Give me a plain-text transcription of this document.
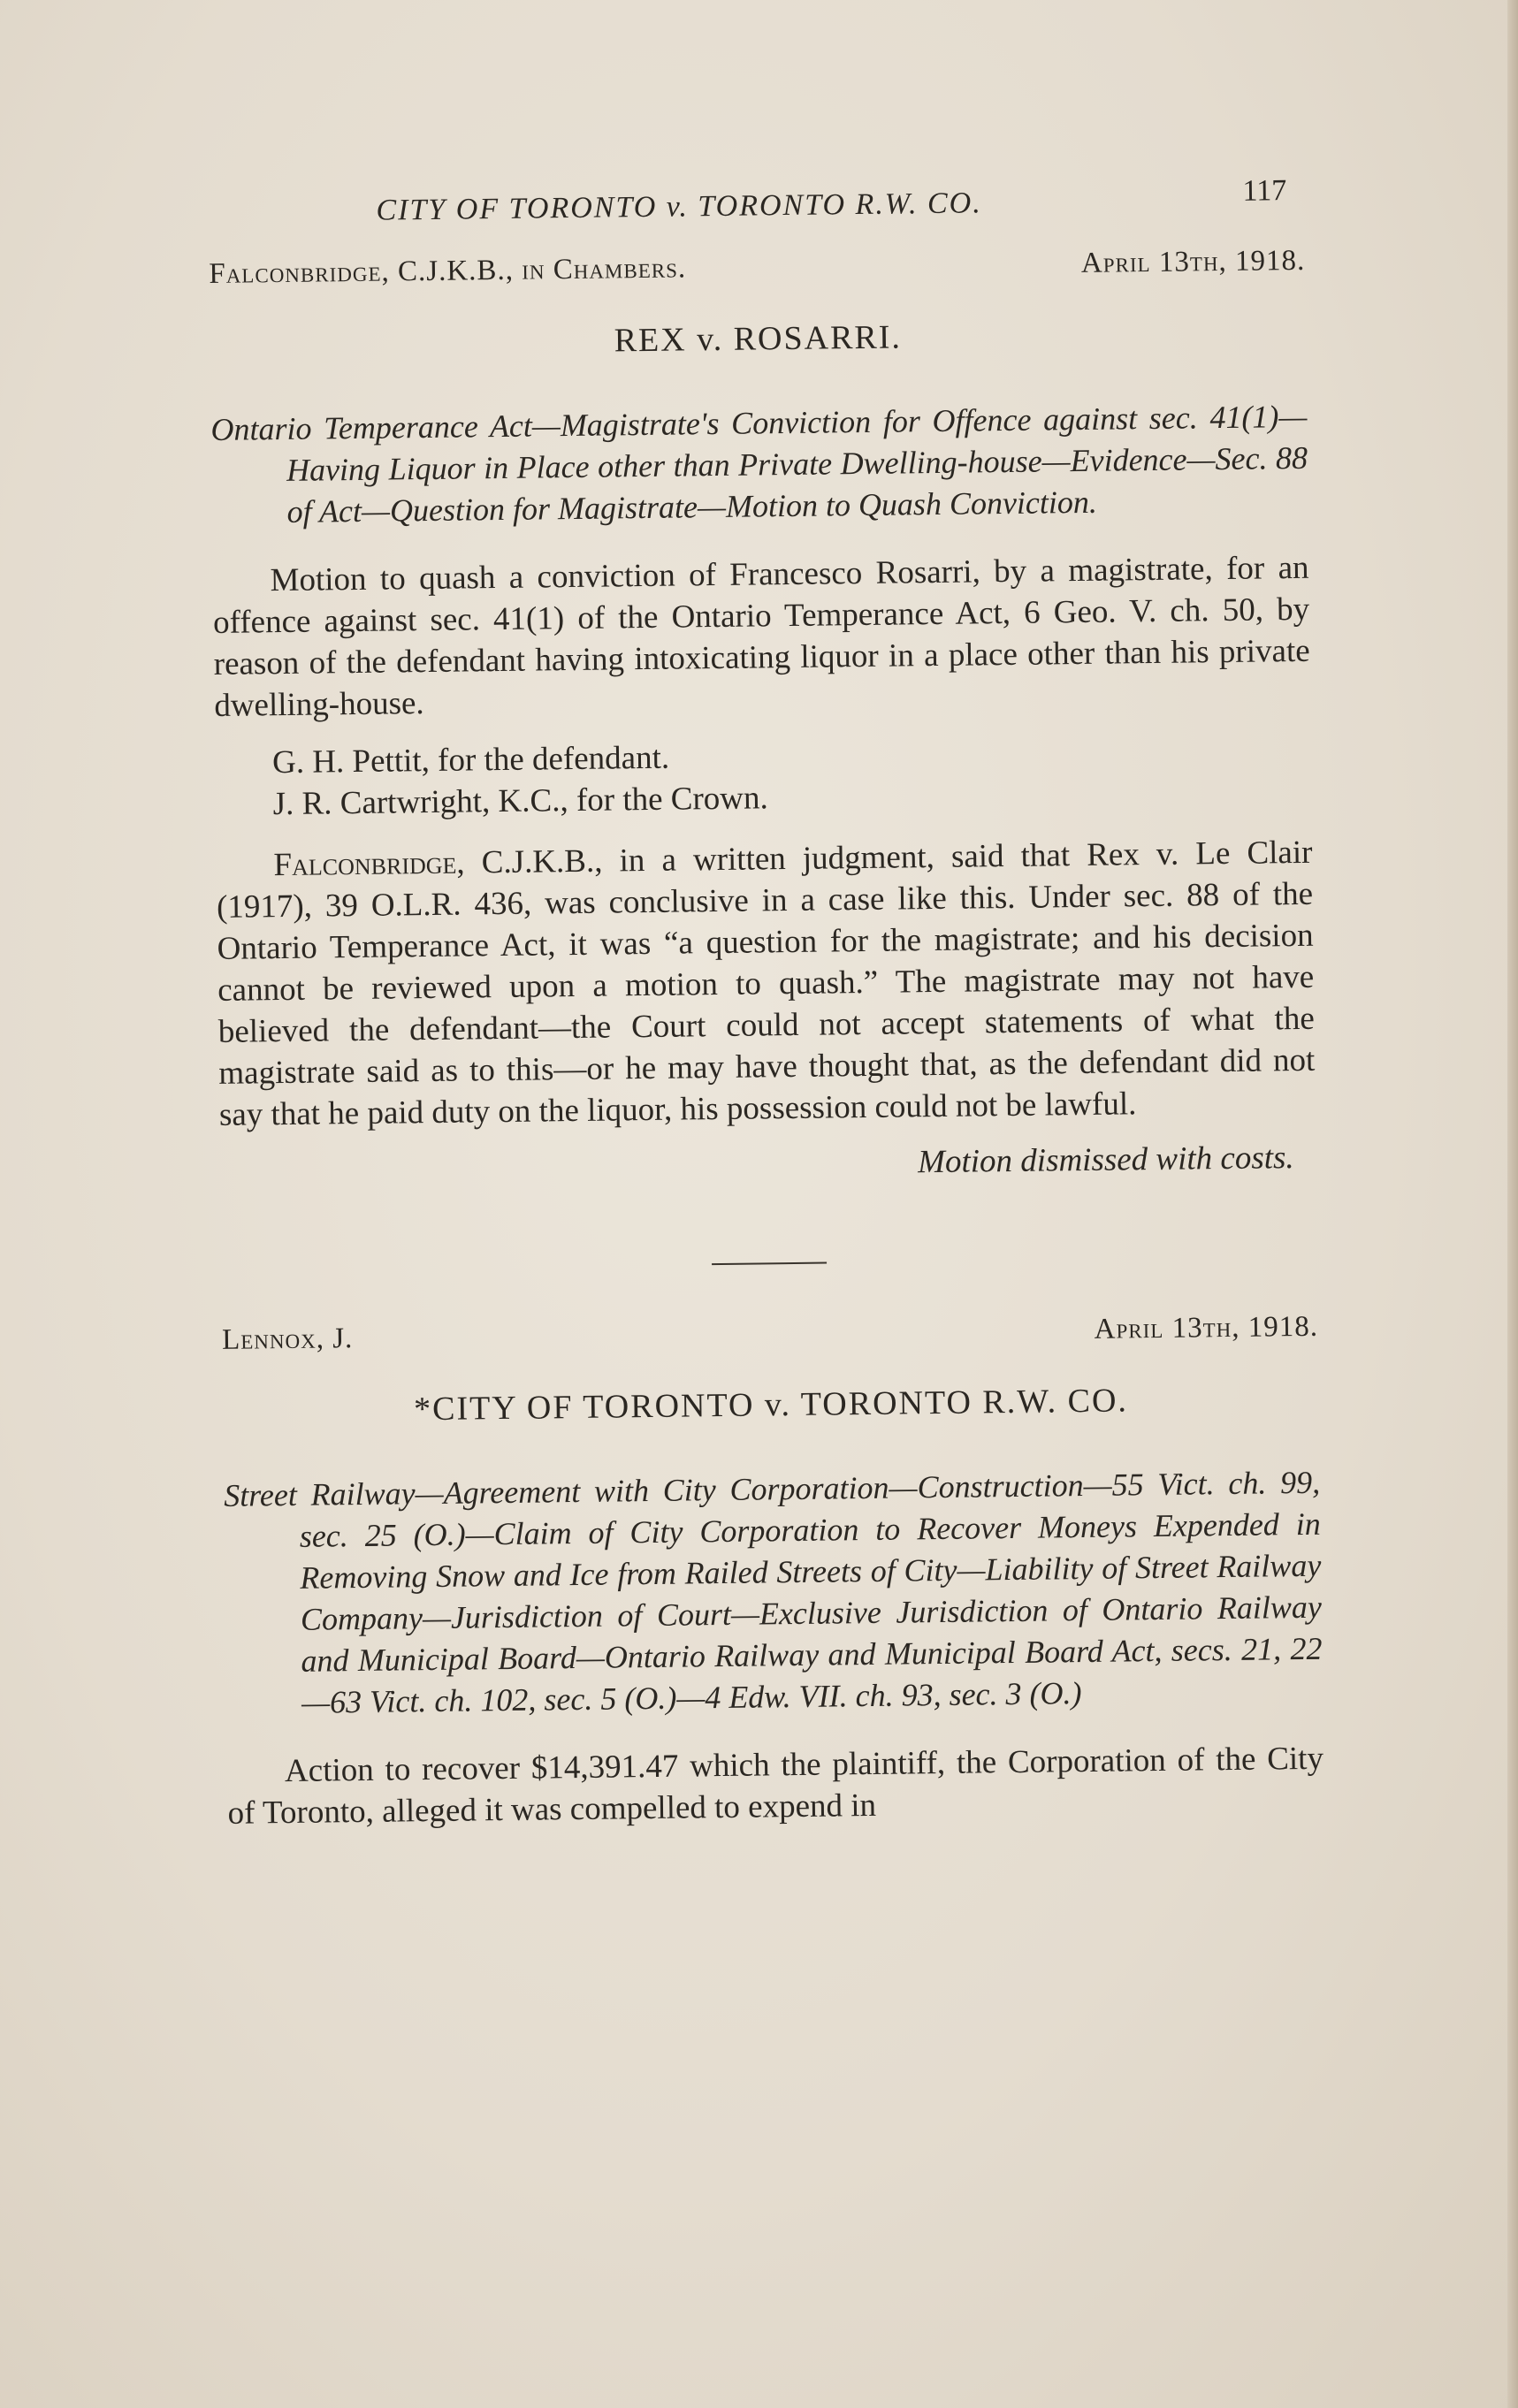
CITY OF TORONTO v. TORONTO R.W. CO.	117
Falconbridge, C.J.K.B., in Chambers.	April 13th, 1918.
REX v. ROSARRI.

Ontario Temperance Act—Magistrate's Conviction for Offence against sec. 41(1)—Having Liquor in Place other than Private Dwelling-house—Evidence—Sec. 88 of Act—Question for Magistrate—Motion to Quash Conviction.

Motion to quash a conviction of Francesco Rosarri, by a magistrate, for an offence against sec. 41(1) of the Ontario Temperance Act, 6 Geo. V. ch. 50, by reason of the defendant having intoxicating liquor in a place other than his private dwelling-house.

G. H. Pettit, for the defendant.

J. R. Cartwright, K.C., for the Crown.

Falconbridge, C.J.K.B., in a written judgment, said that Rex v. Le Clair (1917), 39 O.L.R. 436, was conclusive in a case like this. Under sec. 88 of the Ontario Temperance Act, it was “a question for the magistrate; and his decision cannot be reviewed upon a motion to quash.” The magistrate may not have believed the defendant—the Court could not accept statements of what the magistrate said as to this—or he may have thought that, as the defendant did not say that he paid duty on the liquor, his possession could not be lawful.

Motion dismissed with costs.
Lennox, J.	April 13th, 1918.
*CITY OF TORONTO v. TORONTO R.W. CO.

Street Railway—Agreement with City Corporation—Construction—55 Vict. ch. 99, sec. 25 (O.)—Claim of City Corporation to Recover Moneys Expended in Removing Snow and Ice from Railed Streets of City—Liability of Street Railway Company—Jurisdiction of Court—Exclusive Jurisdiction of Ontario Railway and Municipal Board—Ontario Railway and Municipal Board Act, secs. 21, 22—63 Vict. ch. 102, sec. 5 (O.)—4 Edw. VII. ch. 93, sec. 3 (O.)

Action to recover $14,391.47 which the plaintiff, the Corporation of the City of Toronto, alleged it was compelled to expend in
